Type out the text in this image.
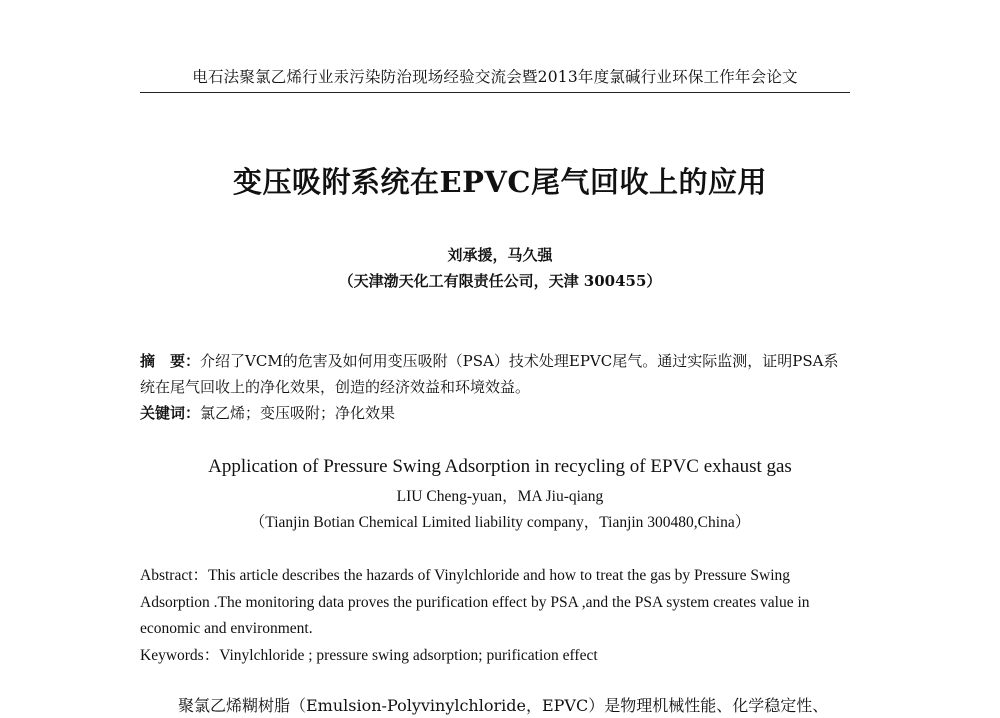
电石法聚氯乙烯行业汞污染防治现场经验交流会暨2013年度氯碱行业环保工作年会论文
变压吸附系统在EPVC尾气回收上的应用
刘承援，马久强
（天津渤天化工有限责任公司，天津 300455）
摘　要：介绍了VCM的危害及如何用变压吸附（PSA）技术处理EPVC尾气。通过实际监测，证明PSA系统在尾气回收上的净化效果，创造的经济效益和环境效益。
关键词：氯乙烯；变压吸附；净化效果
Application of Pressure Swing Adsorption in recycling of EPVC exhaust gas
LIU Cheng-yuan，MA Jiu-qiang
（Tianjin Botian Chemical Limited liability company，Tianjin 300480,China）
Abstract：This article describes the hazards of Vinylchloride and how to treat the gas by Pressure Swing Adsorption .The monitoring data proves the purification effect by PSA ,and the PSA system creates value in economic and environment.
Keywords：Vinylchloride ; pressure swing adsorption; purification effect
聚氯乙烯糊树脂（Emulsion-Polyvinylchloride，EPVC）是物理机械性能、化学稳定性、
